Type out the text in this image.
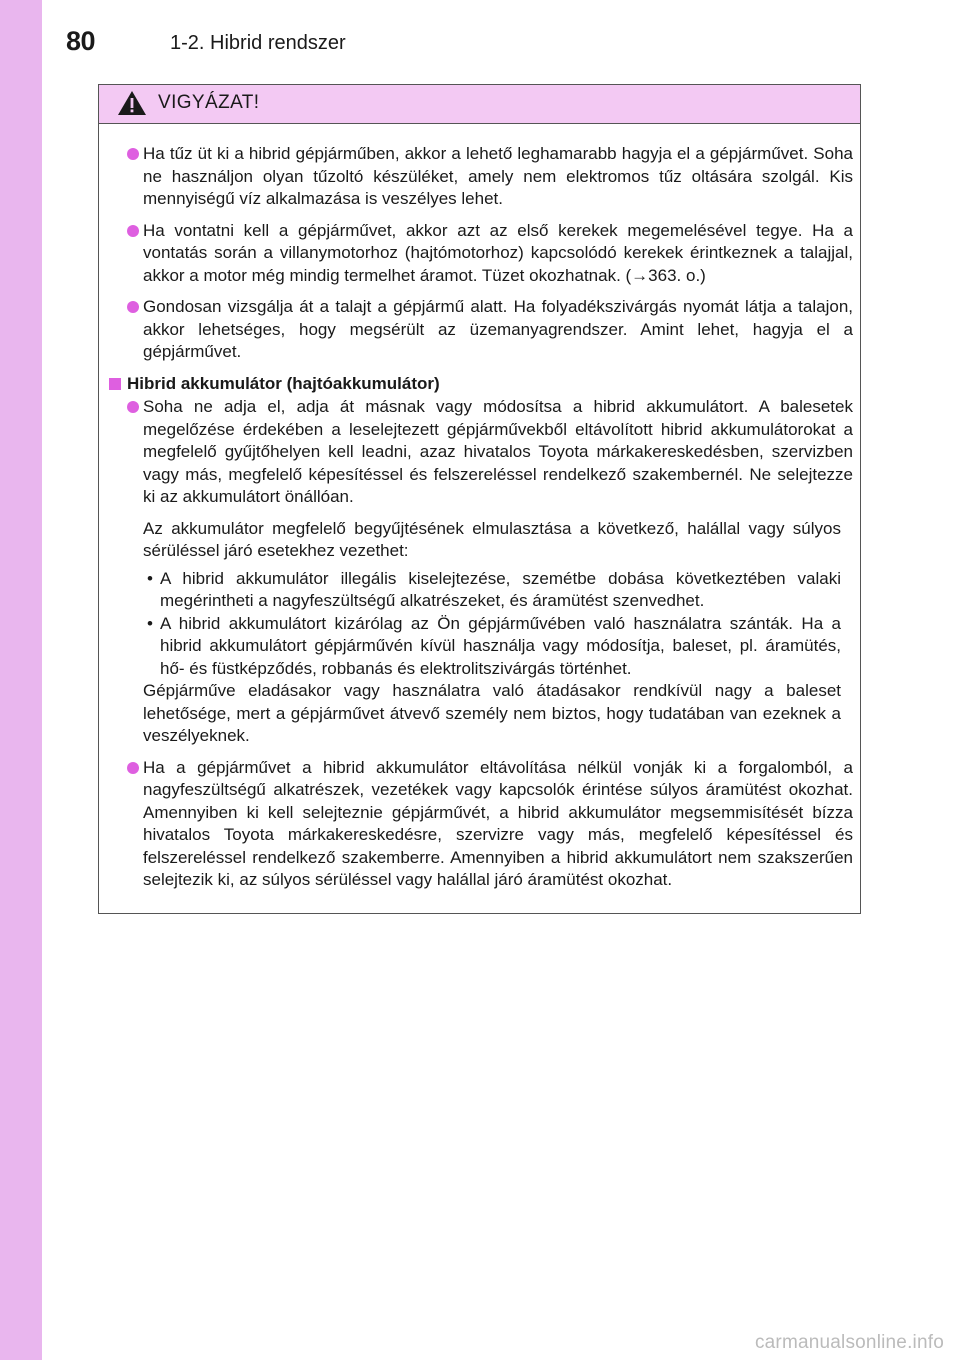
80	1-2. Hibrid rendszer
VIGYÁZAT!
Ha tűz üt ki a hibrid gépjárműben, akkor a lehető leghamarabb hagyja el a gépjárművet. Soha ne használjon olyan tűzoltó készüléket, amely nem elektromos tűz oltására szolgál. Kis mennyiségű víz alkalmazása is veszélyes lehet.
Ha vontatni kell a gépjárművet, akkor azt az első kerekek megemelésével tegye. Ha a vontatás során a villanymotorhoz (hajtómotorhoz) kapcsolódó kerekek érintkeznek a talajjal, akkor a motor még mindig termelhet áramot. Tüzet okozhatnak. (→363. o.)
Gondosan vizsgálja át a talajt a gépjármű alatt. Ha folyadékszivárgás nyomát látja a talajon, akkor lehetséges, hogy megsérült az üzemanyagrendszer. Amint lehet, hagyja el a gépjárművet.
Hibrid akkumulátor (hajtóakkumulátor)
Soha ne adja el, adja át másnak vagy módosítsa a hibrid akkumulátort. A balesetek megelőzése érdekében a leselejtezett gépjárművekből eltávolított hibrid akkumulátorokat a megfelelő gyűjtőhelyen kell leadni, azaz hivatalos Toyota márkakereskedésben, szervizben vagy más, megfelelő képesítéssel és felszereléssel rendelkező szakembernél. Ne selejtezze ki az akkumulátort önállóan.

Az akkumulátor megfelelő begyűjtésének elmulasztása a következő, halállal vagy súlyos sérüléssel járó esetekhez vezethet:

• A hibrid akkumulátor illegális kiselejtezése, szemétbe dobása következtében valaki megérintheti a nagyfeszültségű alkatrészeket, és áramütést szenvedhet.
• A hibrid akkumulátort kizárólag az Ön gépjárművében való használatra szánták. Ha a hibrid akkumulátort gépjárművén kívül használja vagy módosítja, baleset, pl. áramütés, hő- és füstképződés, robbanás és elektrolitszivárgás történhet.

Gépjárműve eladásakor vagy használatra való átadásakor rendkívül nagy a baleset lehetősége, mert a gépjárművet átvevő személy nem biztos, hogy tudatában van ezeknek a veszélyeknek.

Ha a gépjárművet a hibrid akkumulátor eltávolítása nélkül vonják ki a forgalomból, a nagyfeszültségű alkatrészek, vezetékek vagy kapcsolók érintése súlyos áramütést okozhat. Amennyiben ki kell selejteznie gépjárművét, a hibrid akkumulátor megsemmisítését bízza hivatalos Toyota márkakereskedésre, szervizre vagy más, megfelelő képesítéssel és felszereléssel rendelkező szakemberre. Amennyiben a hibrid akkumulátort nem szakszerűen selejtezik ki, az súlyos sérüléssel vagy halállal járó áramütést okozhat.
carmanualsonline.info
